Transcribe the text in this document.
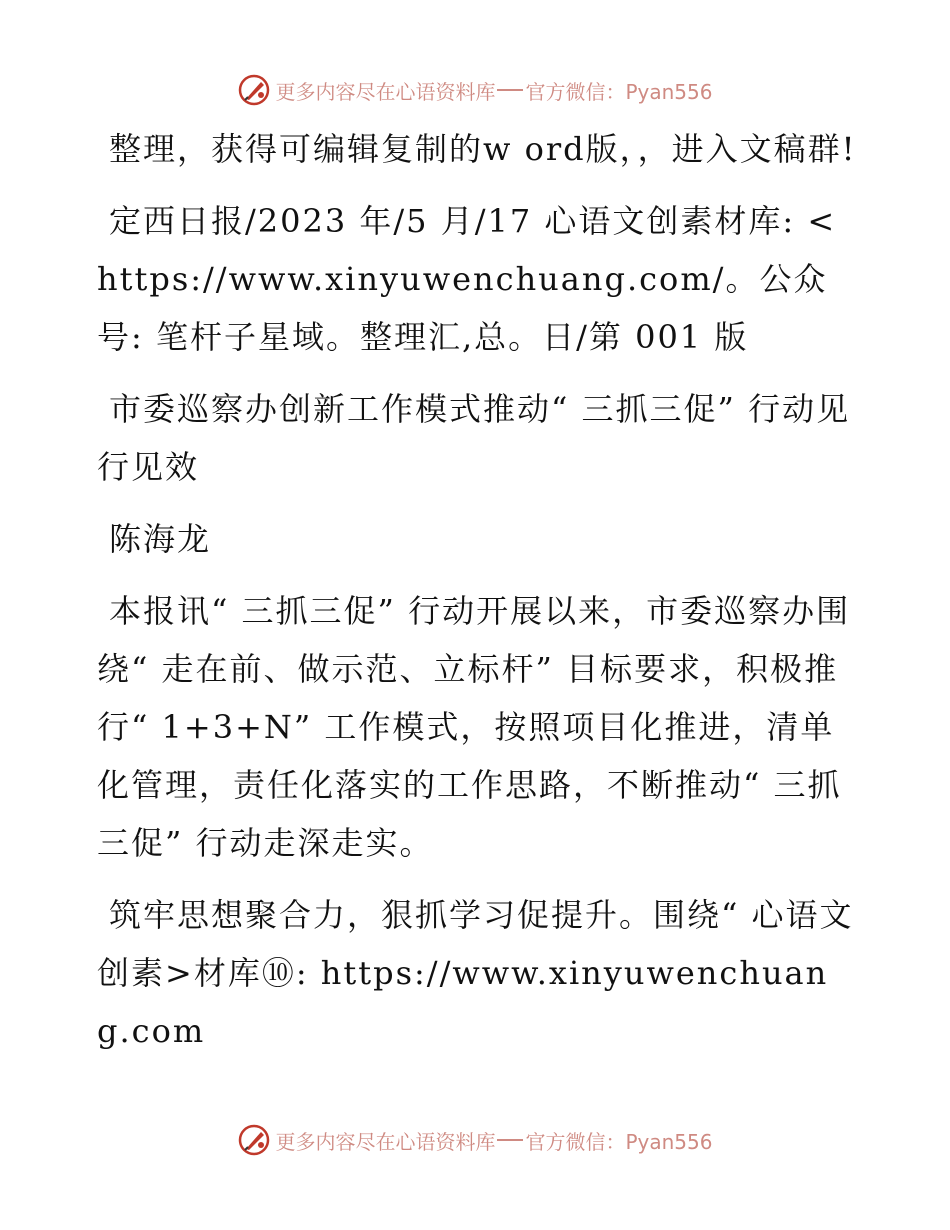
更多内容尽在心语资料库 官方微信：Pyan556

整理，获得可编辑复制的w ord版，，进入文稿群!

定西日报/2023 年/5 月/17 心语文创素材库: <https://www.xinyuwenchuang.com/。公众号: 笔杆子星域。整理汇,总。日/第 001 版

市委巡察办创新工作模式推动“ 三抓三促” 行动见行见效

陈海龙

本报讯“ 三抓三促” 行动开展以来，市委巡察办围绕“ 走在前、做示范、立标杆” 目标要求，积极推行“ 1+3+N” 工作模式，按照项目化推进，清单化管理，责任化落实的工作思路，不断推动“ 三抓三促” 行动走深走实。

筑牢思想聚合力，狠抓学习促提升。围绕“ 心语文创素>材库⑩: https://www.xinyuwenchuang.com

更多内容尽在心语资料库 官方微信：Pyan556
